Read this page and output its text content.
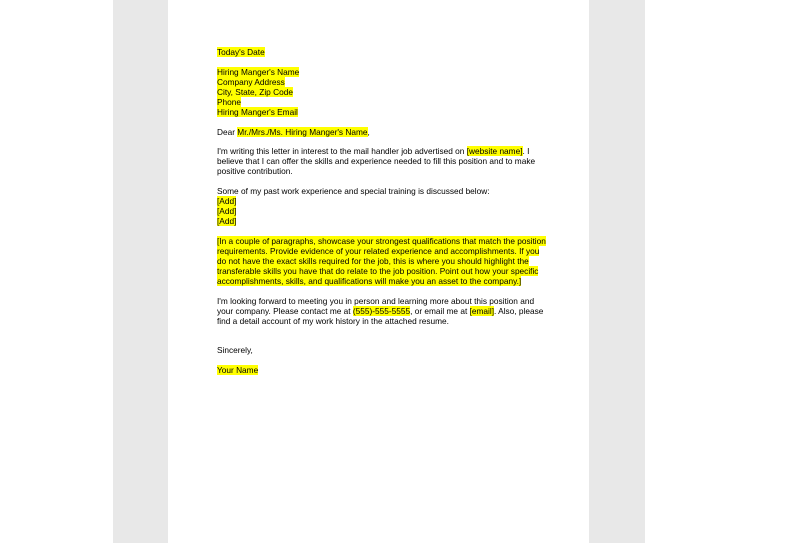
Today's Date

Hiring Manger's Name

Company Address

City, State, Zip Code

Phone

Hiring Manger's Email

Dear Mr./Mrs./Ms. Hiring Manger's Name,

I'm writing this letter in interest to the mail handler job advertised on [website name]. I believe that I can offer the skills and experience needed to fill this position and to make positive contribution.

Some of my past work experience and special training is discussed below:

[Add]

[Add]

[Add]

[In a couple of paragraphs, showcase your strongest qualifications that match the position requirements. Provide evidence of your related experience and accomplishments. If you do not have the exact skills required for the job, this is where you should highlight the transferable skills you have that do relate to the job position. Point out how your specific accomplishments, skills, and qualifications will make you an asset to the company.]

I'm looking forward to meeting you in person and learning more about this position and your company. Please contact me at (555)-555-5555, or email me at [email]. Also, please find a detail account of my work history in the attached resume.

Sincerely,

Your Name
